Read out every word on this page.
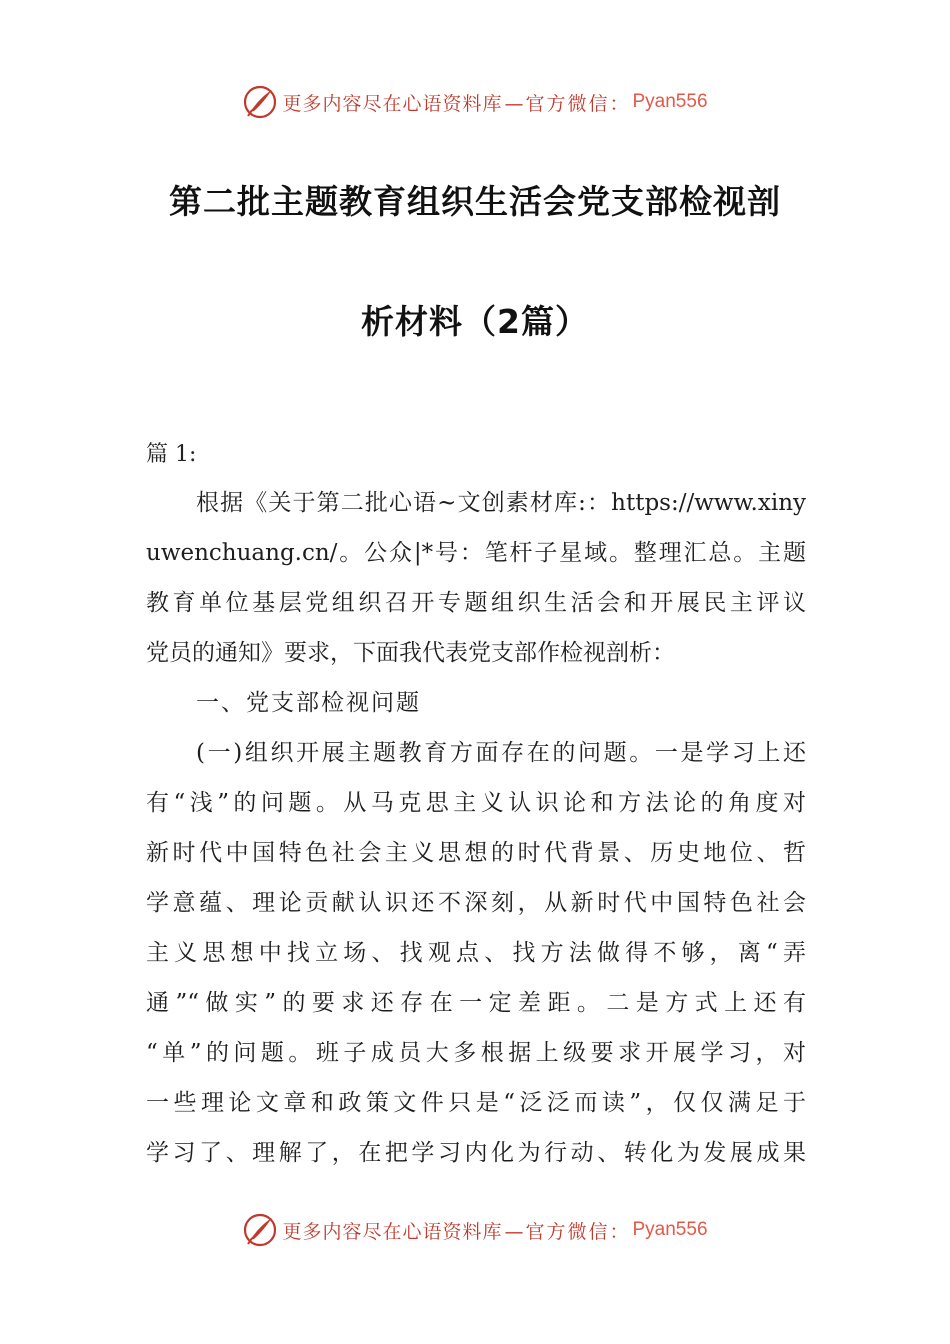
更多内容尽在心语资料库 —官方微信： Pyan556
第二批主题教育组织生活会党支部检视剖
析材料（2篇）
篇 1:
根据《关于第二批心语~文创素材库:：https://www.xiny
uwenchuang.cn/。公众|*号：笔杆子星域。整理汇总。主题
教育单位基层党组织召开专题组织生活会和开展民主评议
党员的通知》要求，下面我代表党支部作检视剖析：
一、党支部检视问题
(一)组织开展主题教育方面存在的问题。一是学习上还
有“浅”的问题。从马克思主义认识论和方法论的角度对
新时代中国特色社会主义思想的时代背景、历史地位、哲
学意蕴、理论贡献认识还不深刻，从新时代中国特色社会
主义思想中找立场、找观点、找方法做得不够，离“弄
通”“做实”的要求还存在一定差距。二是方式上还有
“单”的问题。班子成员大多根据上级要求开展学习，对
一些理论文章和政策文件只是“泛泛而读”，仅仅满足于
学习了、理解了，在把学习内化为行动、转化为发展成果
更多内容尽在心语资料库 —官方微信： Pyan556
